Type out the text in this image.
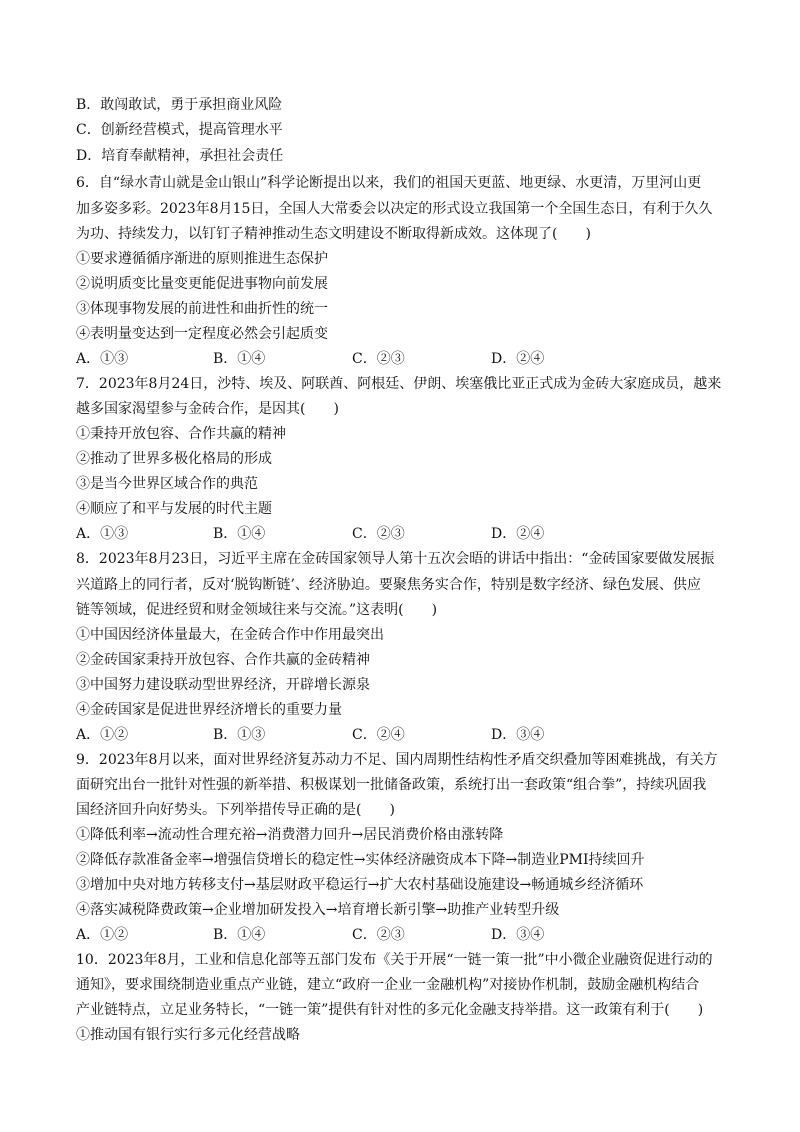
B．敢闯敢试，勇于承担商业风险
C．创新经营模式，提高管理水平
D．培育奉献精神，承担社会责任
6．自“绿水青山就是金山银山”科学论断提出以来，我们的祖国天更蓝、地更绿、水更清，万里河山更
加多姿多彩。2023年8月15日，全国人大常委会以决定的形式设立我国第一个全国生态日，有利于久久
为功、持续发力，以钉钉子精神推动生态文明建设不断取得新成效。这体现了(　　)
①要求遵循循序渐进的原则推进生态保护
②说明质变比量变更能促进事物向前发展
③体现事物发展的前进性和曲折性的统一
④表明量变达到一定程度必然会引起质变
A．①③	B．①④	C．②③	D．②④
7．2023年8月24日，沙特、埃及、阿联酋、阿根廷、伊朗、埃塞俄比亚正式成为金砖大家庭成员，越来
越多国家渴望参与金砖合作，是因其(　　)
①秉持开放包容、合作共赢的精神
②推动了世界多极化格局的形成
③是当今世界区域合作的典范
④顺应了和平与发展的时代主题
A．①③	B．①④	C．②③	D．②④
8．2023年8月23日，习近平主席在金砖国家领导人第十五次会晤的讲话中指出：“金砖国家要做发展振
兴道路上的同行者，反对‘脱钩断链’、经济胁迫。要聚焦务实合作，特别是数字经济、绿色发展、供应
链等领域，促进经贸和财金领域往来与交流。”这表明(　　)
①中国因经济体量最大，在金砖合作中作用最突出
②金砖国家秉持开放包容、合作共赢的金砖精神
③中国努力建设联动型世界经济，开辟增长源泉
④金砖国家是促进世界经济增长的重要力量
A．①②	B．①③	C．②④	D．③④
9．2023年8月以来，面对世界经济复苏动力不足、国内周期性结构性矛盾交织叠加等困难挑战，有关方
面研究出台一批针对性强的新举措、积极谋划一批储备政策，系统打出一套政策“组合拳”，持续巩固我
国经济回升向好势头。下列举措传导正确的是(　　)
①降低利率→流动性合理充裕→消费潜力回升→居民消费价格由涨转降
②降低存款准备金率→增强信贷增长的稳定性→实体经济融资成本下降→制造业PMI持续回升
③增加中央对地方转移支付→基层财政平稳运行→扩大农村基础设施建设→畅通城乡经济循环
④落实减税降费政策→企业增加研发投入→培育增长新引擎→助推产业转型升级
A．①②	B．①④	C．②③	D．③④
10．2023年8月，工业和信息化部等五部门发布《关于开展“一链一策一批”中小微企业融资促进行动的
通知》，要求围绕制造业重点产业链，建立“政府一企业一金融机构”对接协作机制，鼓励金融机构结合
产业链特点，立足业务特长，“一链一策”提供有针对性的多元化金融支持举措。这一政策有利于(　　)
①推动国有银行实行多元化经营战略
